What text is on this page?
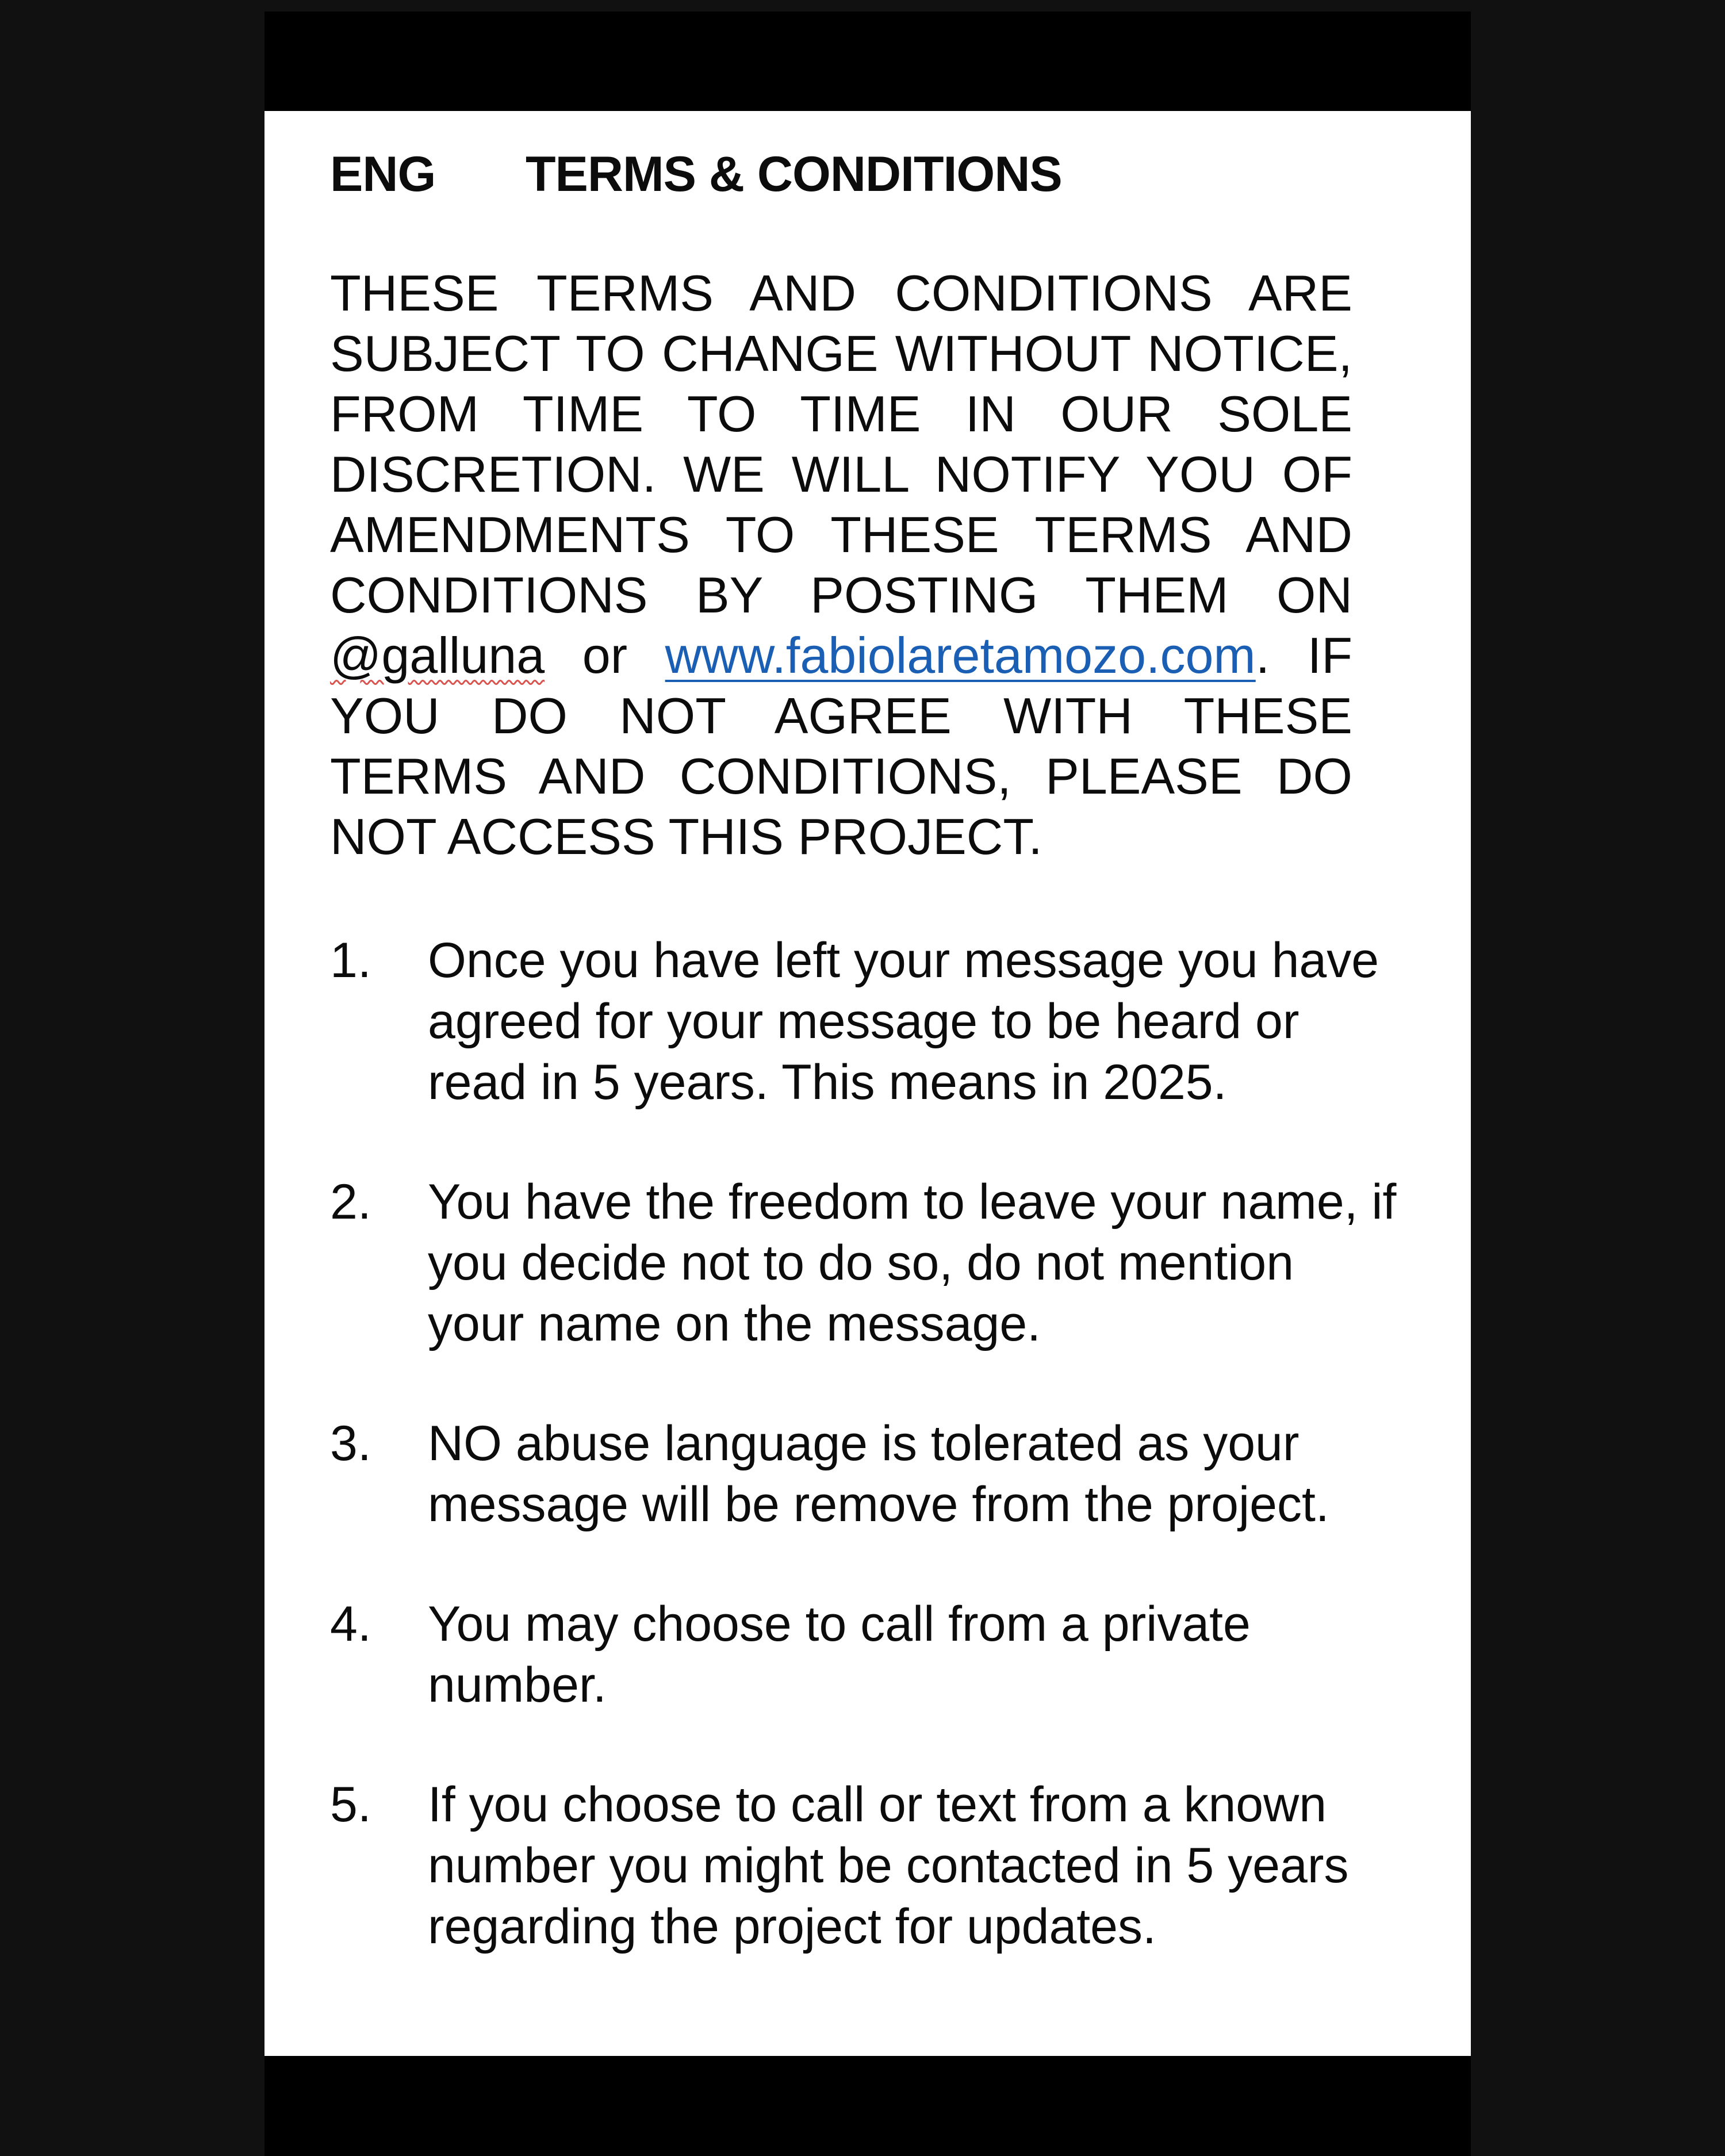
ENG	TERMS & CONDITIONS

THESE TERMS AND CONDITIONS ARE SUBJECT TO CHANGE WITHOUT NOTICE, FROM TIME TO TIME IN OUR SOLE DISCRETION. WE WILL NOTIFY YOU OF AMENDMENTS TO THESE TERMS AND CONDITIONS BY POSTING THEM ON @galluna or www.fabiolaretamozo.com. IF YOU DO NOT AGREE WITH THESE TERMS AND CONDITIONS, PLEASE DO NOT ACCESS THIS PROJECT.

1.	Once you have left your message you have agreed for your message to be heard or read in 5 years. This means in 2025.
2.	You have the freedom to leave your name, if you decide not to do so, do not mention your name on the message.
3.	NO abuse language is tolerated as your message will be remove from the project.
4.	You may choose to call from a private number.
5.	If you choose to call or text from a known number you might be contacted in 5 years regarding the project for updates.
